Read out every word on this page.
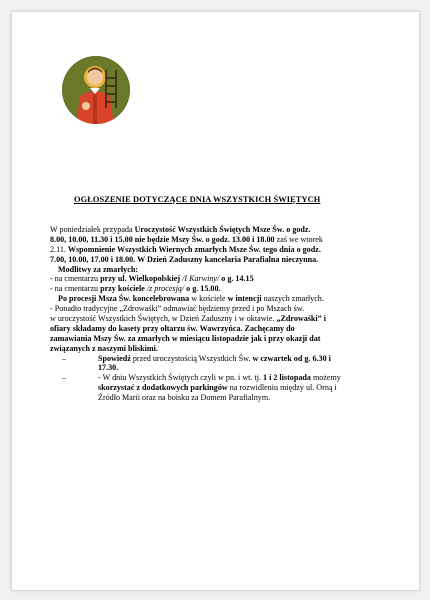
OGŁOSZENIE DOTYCZĄCE DNIA WSZYSTKICH ŚWIĘTYCH
W poniedziałek przypada Uroczystość Wszystkich Świętych Msze Św. o godz.
8.00, 10.00, 11.30 i 15.00 nie będzie Mszy Św. o godz. 13.00 i 18.00 zaś we wtorek
2.11. Wspomnienie Wszystkich Wiernych zmarłych Msze Św. tego dnia o godz.
7.00, 10.00, 17.00 i 18.00. W Dzień Zaduszny kancelaria Parafialna nieczynna.
Modlitwy za zmarłych:
- na cmentarzu przy ul. Wielkopolskiej /I Karwiny/ o g. 14.15
- na cmentarzu przy kościele /z procesją/ o g. 15.00.
Po procesji Msza Św. koncelebrowana w kościele w intencji naszych zmarłych.
- Ponadto tradycyjne „Zdrowaśki” odmawiać będziemy przed i po Mszach św.
w uroczystość Wszystkich Świętych, w Dzień Zaduszny i w oktawie. „Zdrowaśki” i
ofiary składamy do kasety przy ołtarzu św. Wawrzyńca. Zachęcamy do
zamawiania Mszy Św. za zmarłych w miesiącu listopadzie jak i przy okazji dat
związanych z naszymi bliskimi.
–	Spowiedź przed uroczystością Wszystkich Św. w czwartek od g. 6.30 i
17.30.
–	- W dniu Wszystkich Świętych czyli w pn. i wt. tj. 1 i 2 listopada możemy
skorzystać z dodatkowych parkingów na rozwidleniu między ul. Orną i
Źródło Marii oraz na boisku za Domem Parafialnym.
